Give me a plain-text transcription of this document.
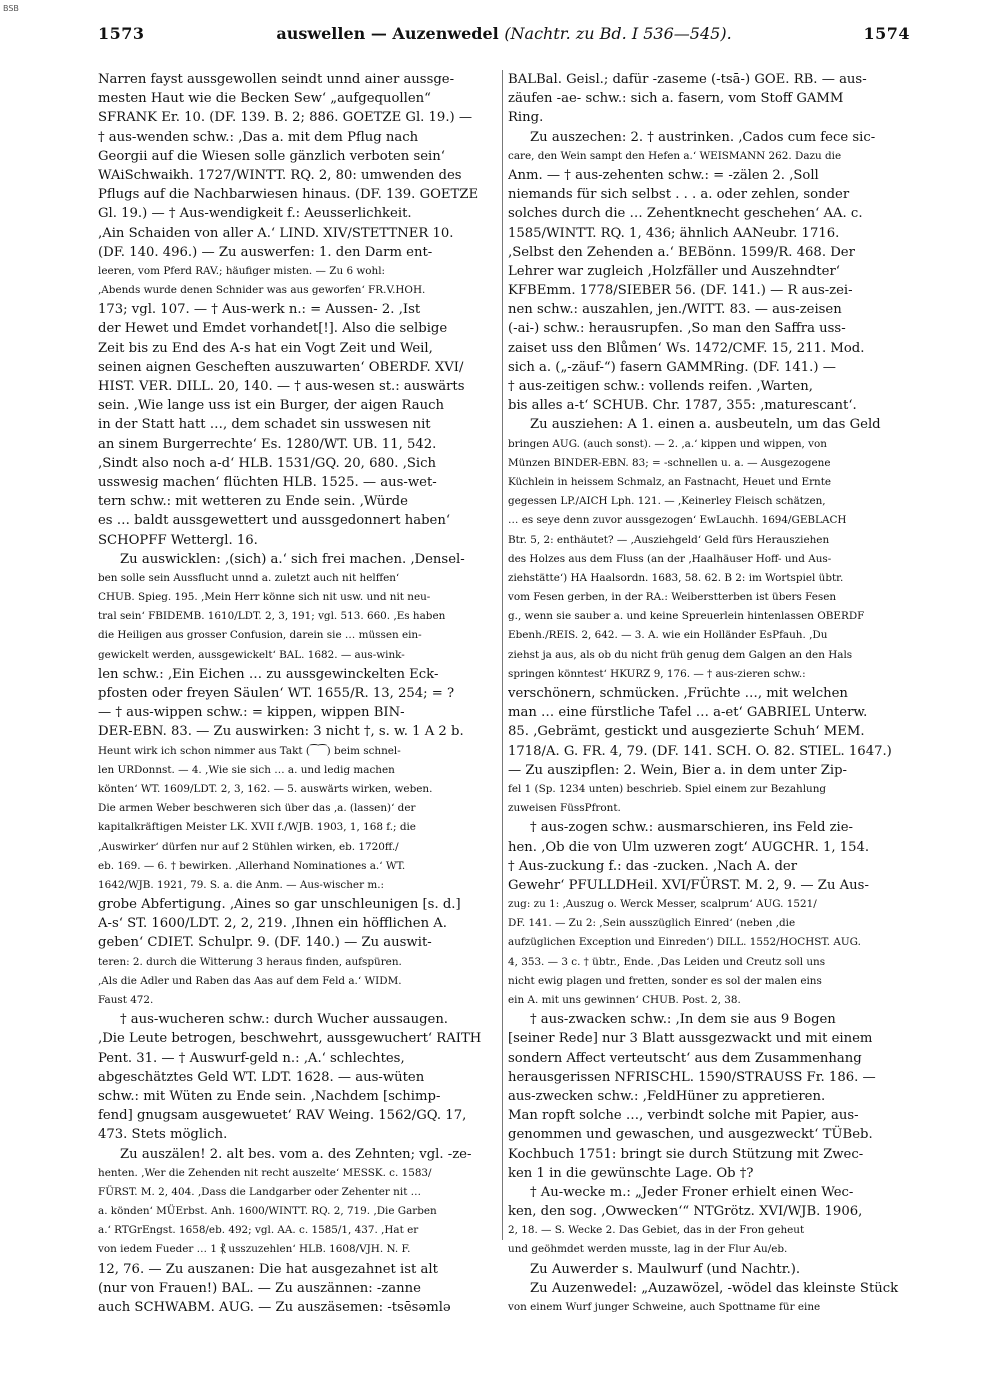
BSB
1573	auswellen — Auzenwedel (Nachtr. zu Bd. I 536—545).	1574
Narren fayst aussgewollen seindt unnd ainer aussge-
mesten Haut wie die Becken Sew‘ „aufgequollen“
SFRANK Er. 10. (DF. 139. B. 2; 886. GOETZE Gl. 19.) —
† aus-wenden schw.: ‚Das a. mit dem Pflug nach
Georgii auf die Wiesen solle gänzlich verboten sein‘
WAiSchwaikh. 1727/WINTT. RQ. 2, 80: umwenden des
Pflugs auf die Nachbarwiesen hinaus. (DF. 139. GOETZE
Gl. 19.) — † Aus-wendigkeit f.: Aeusserlichkeit.
‚Ain Schaiden von aller A.‘ LIND. XIV/STETTNER 10.
(DF. 140. 496.) — Zu auswerfen: 1. den Darm ent-
leeren, vom Pferd RAV.; häufiger misten. — Zu 6 wohl:
‚Abends wurde denen Schnider was aus geworfen‘ FR.V.HOH.
173; vgl. 107. — † Aus-werk n.: = Aussen- 2. ‚Ist
der Hewet und Emdet vorhandet[!]. Also die selbige
Zeit bis zu End des A-s hat ein Vogt Zeit und Weil,
seinen aignen Gescheften auszuwarten‘ OBERDF. XVI/
HIST. VER. DILL. 20, 140. — † aus-wesen st.: auswärts
sein. ‚Wie lange uss ist ein Burger, der aigen Rauch
in der Statt hatt …, dem schadet sin usswesen nit
an sinem Burgerrechte‘ Es. 1280/WT. UB. 11, 542.
‚Sindt also noch a-d‘ HLB. 1531/GQ. 20, 680. ‚Sich
usswesig machen‘ flüchten HLB. 1525. — aus-wet-
tern schw.: mit wetteren zu Ende sein. ‚Würde
es … baldt aussgewettert und aussgedonnert haben‘
SCHOPFF Wettergl. 16.
Zu auswicklen: ‚(sich) a.‘ sich frei machen. ‚Densel-
ben solle sein Aussflucht unnd a. zuletzt auch nit helffen‘
CHUB. Spieg. 195. ‚Mein Herr könne sich nit usw. und nit neu-
tral sein‘ FBIDEMB. 1610/LDT. 2, 3, 191; vgl. 513. 660. ‚Es haben
die Heiligen aus grosser Confusion, darein sie … müssen ein-
gewickelt werden, aussgewickelt‘ BAL. 1682. — aus-wink-
len schw.: ‚Ein Eichen … zu aussgewinckelten Eck-
pfosten oder freyen Säulen‘ WT. 1655/R. 13, 254; = ?
— † aus-wippen schw.: = kippen, wippen BIN-
DER-EBN. 83. — Zu auswirken: 3 nicht †, s. w. 1 A 2 b.
Heunt wirk ich schon nimmer aus Takt (⁀⁀) beim schnel-
len URDonnst. — 4. ‚Wie sie sich … a. und ledig machen
könten‘ WT. 1609/LDT. 2, 3, 162. — 5. auswärts wirken, weben.
Die armen Weber beschweren sich über das ‚a. (lassen)‘ der
kapitalkräftigen Meister LK. XVII f./WJB. 1903, 1, 168 f.; die
‚Auswirker‘ dürfen nur auf 2 Stühlen wirken, eb. 1720ff./
eb. 169. — 6. † bewirken. ‚Allerhand Nominationes a.‘ WT.
1642/WJB. 1921, 79. S. a. die Anm. — Aus-wischer m.:
grobe Abfertigung. ‚Aines so gar unschleunigen [s. d.]
A-s‘ ST. 1600/LDT. 2, 2, 219. ‚Ihnen ein höfflichen A.
geben‘ CDIET. Schulpr. 9. (DF. 140.) — Zu auswit-
teren: 2. durch die Witterung 3 heraus finden, aufspüren.
‚Als die Adler und Raben das Aas auf dem Feld a.‘ WIDM.
Faust 472.
† aus-wucheren schw.: durch Wucher aussaugen.
‚Die Leute betrogen, beschwehrt, aussgewuchert‘ RAITH
Pent. 31. — † Auswurf-geld n.: ‚A.‘ schlechtes,
abgeschätztes Geld WT. LDT. 1628. — aus-wüten
schw.: mit Wüten zu Ende sein. ‚Nachdem [schimp-
fend] gnugsam ausgewuetet‘ RAV Weing. 1562/GQ. 17,
473. Stets möglich.
Zu auszälen! 2. alt bes. vom a. des Zehnten; vgl. -ze-
henten. ‚Wer die Zehenden nit recht auszelte‘ MESSK. c. 1583/
FÜRST. M. 2, 404. ‚Dass die Landgarber oder Zehenter nit …
a. könden‘ MÜErbst. Anh. 1600/WINTT. RQ. 2, 719. ‚Die Garben
a.‘ RTGrEngst. 1658/eb. 492; vgl. AA. c. 1585/1, 437. ‚Hat er
von iedem Fueder … 1 ⳩ usszuzehlen‘ HLB. 1608/VJH. N. F.
12, 76. — Zu auszanen: Die hat ausgezahnet ist alt
(nur von Frauen!) BAL. — Zu auszännen: -zanne
auch SCHWABM. AUG. — Zu auszäsemen: -tsēsəmlə
BALBal. Geisl.; dafür -zaseme (-tsā-) GOE. RB. — aus-
zäufen -ae- schw.: sich a. fasern, vom Stoff GAMM
Ring.
Zu auszechen: 2. † austrinken. ‚Cados cum fece sic-
care, den Wein sampt den Hefen a.‘ WEISMANN 262. Dazu die
Anm. — † aus-zehenten schw.: = -zälen 2. ‚Soll
niemands für sich selbst . . . a. oder zehlen, sonder
solches durch die … Zehentknecht geschehen‘ AA. c.
1585/WINTT. RQ. 1, 436; ähnlich AANeubr. 1716.
‚Selbst den Zehenden a.‘ BEBönn. 1599/R. 468. Der
Lehrer war zugleich ‚Holzfäller und Auszehndter‘
KFBEmm. 1778/SIEBER 56. (DF. 141.) — R aus-zei-
nen schw.: auszahlen, jen./WITT. 83. — aus-zeisen
(-ai-) schw.: herausrupfen. ‚So man den Saffra uss-
zaiset uss den Blůmen‘ Ws. 1472/CMF. 15, 211. Mod.
sich a. („-zäuf-“) fasern GAMMRing. (DF. 141.) —
† aus-zeitigen schw.: vollends reifen. ‚Warten,
bis alles a-t‘ SCHUB. Chr. 1787, 355: ‚maturescant‘.
Zu ausziehen: A 1. einen a. ausbeuteln, um das Geld
bringen AUG. (auch sonst). — 2. ‚a.‘ kippen und wippen, von
Münzen BINDER-EBN. 83; = -schnellen u. a. — Ausgezogene
Küchlein in heissem Schmalz, an Fastnacht, Heuet und Ernte
gegessen LP./AICH Lph. 121. — ‚Keinerley Fleisch schätzen,
… es seye denn zuvor aussgezogen‘ EwLauchh. 1694/GEBLACH
Btr. 5, 2: enthäutet? — ‚Ausziehgeld‘ Geld fürs Herausziehen
des Holzes aus dem Fluss (an der ‚Haalhäuser Hoff- und Aus-
ziehstätte‘) HA Haalsordn. 1683, 58. 62. B 2: im Wortspiel übtr.
vom Fesen gerben, in der RA.: Weiberstterben ist übers Fesen
g., wenn sie sauber a. und keine Spreuerlein hintenlassen OBERDF
Ebenh./REIS. 2, 642. — 3. A. wie ein Holländer EsPfauh. ‚Du
ziehst ja aus, als ob du nicht früh genug dem Galgen an den Hals
springen könntest‘ HKURZ 9, 176. — † aus-zieren schw.:
verschönern, schmücken. ‚Früchte …, mit welchen
man … eine fürstliche Tafel … a-et‘ GABRIEL Unterw.
85. ‚Gebrämt, gestickt und ausgezierte Schuh‘ MEM.
1718/A. G. FR. 4, 79. (DF. 141. SCH. O. 82. STIEL. 1647.)
— Zu auszipflen: 2. Wein, Bier a. in dem unter Zip-
fel 1 (Sp. 1234 unten) beschrieb. Spiel einem zur Bezahlung
zuweisen FüssPfront.
† aus-zogen schw.: ausmarschieren, ins Feld zie-
hen. ‚Ob die von Ulm uzweren zogt‘ AUGCHR. 1, 154.
† Aus-zuckung f.: das -zucken. ‚Nach A. der
Gewehr‘ PFULLDHeil. XVI/FÜRST. M. 2, 9. — Zu Aus-
zug: zu 1: ‚Auszug o. Werck Messer, scalprum‘ AUG. 1521/
DF. 141. — Zu 2: ‚Sein ausszüglich Einred‘ (neben ‚die
aufzüglichen Exception und Einreden‘) DILL. 1552/HOCHST. AUG.
4, 353. — 3 c. † übtr., Ende. ‚Das Leiden und Creutz soll uns
nicht ewig plagen und fretten, sonder es sol der malen eins
ein A. mit uns gewinnen‘ CHUB. Post. 2, 38.
† aus-zwacken schw.: ‚In dem sie aus 9 Bogen
[seiner Rede] nur 3 Blatt aussgezwackt und mit einem
sondern Affect verteutscht‘ aus dem Zusammenhang
herausgerissen NFRISCHL. 1590/STRAUSS Fr. 186. —
aus-zwecken schw.: ‚FeldHüner zu appretieren.
Man ropft solche …, verbindt solche mit Papier, aus-
genommen und gewaschen, und ausgezweckt‘ TÜBeb.
Kochbuch 1751: bringt sie durch Stützung mit Zwec-
ken 1 in die gewünschte Lage. Ob †?
† Au-wecke m.: „Jeder Froner erhielt einen Wec-
ken, den sog. ‚Owwecken‘“ NTGrötz. XVI/WJB. 1906,
2, 18. — S. Wecke 2. Das Gebiet, das in der Fron geheut
und geöhmdet werden musste, lag in der Flur Au/eb.
Zu Auwerder s. Maulwurf (und Nachtr.).
Zu Auzenwedel: „Auzawözel, -wödel das kleinste Stück
von einem Wurf junger Schweine, auch Spottname für eine
